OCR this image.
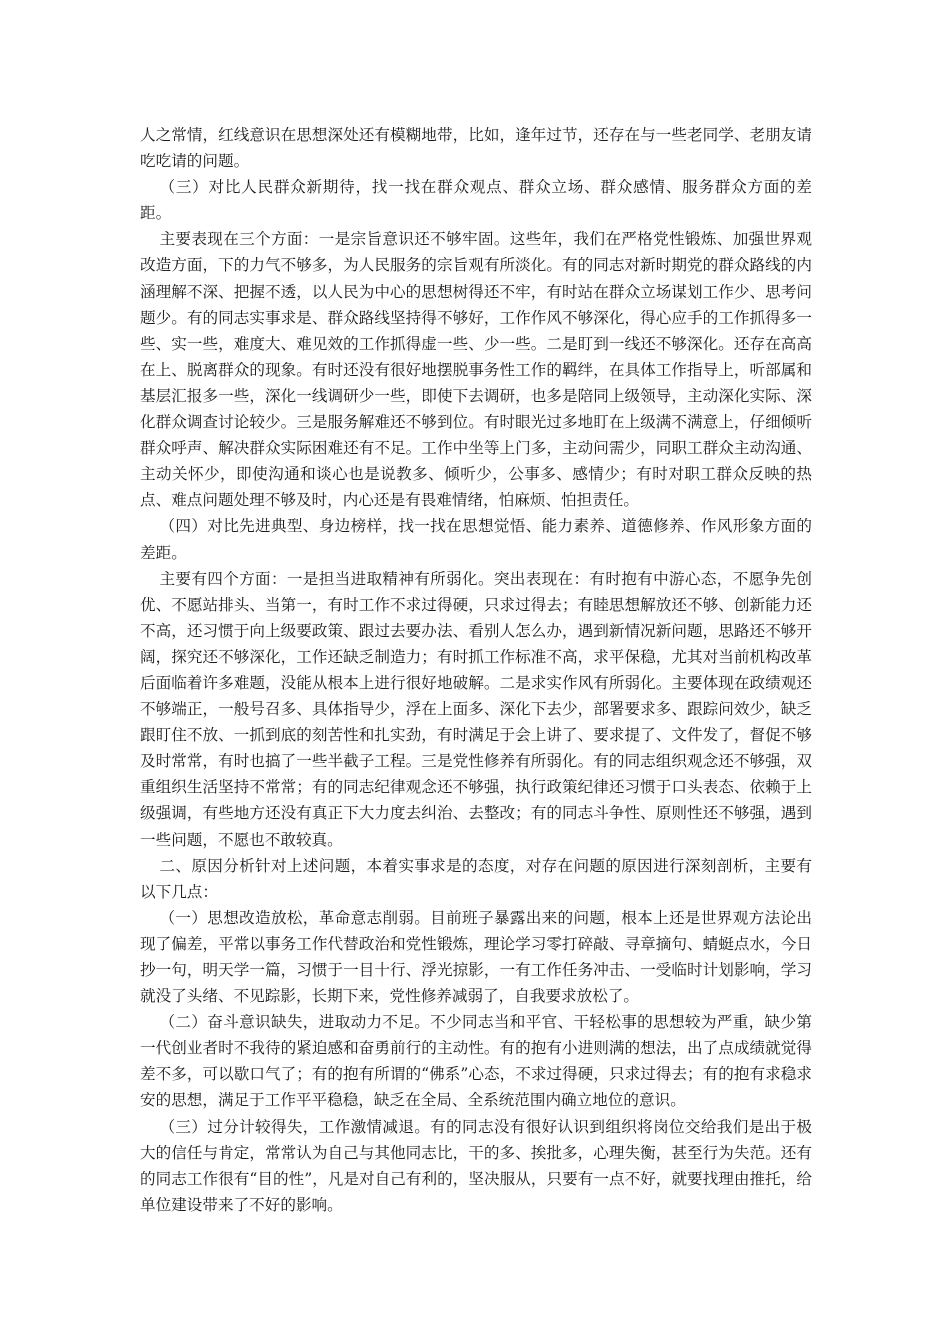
人之常情，红线意识在思想深处还有模糊地带，比如，逢年过节，还存在与一些老同学、老朋友请吃吃请的问题。

（三）对比人民群众新期待，找一找在群众观点、群众立场、群众感情、服务群众方面的差距。

主要表现在三个方面：一是宗旨意识还不够牢固。这些年，我们在严格党性锻炼、加强世界观改造方面，下的力气不够多，为人民服务的宗旨观有所淡化。有的同志对新时期党的群众路线的内涵理解不深、把握不透，以人民为中心的思想树得还不牢，有时站在群众立场谋划工作少、思考问题少。有的同志实事求是、群众路线坚持得不够好，工作作风不够深化，得心应手的工作抓得多一些、实一些，难度大、难见效的工作抓得虚一些、少一些。二是盯到一线还不够深化。还存在高高在上、脱离群众的现象。有时还没有很好地摆脱事务性工作的羁绊，在具体工作指导上，听部属和基层汇报多一些，深化一线调研少一些，即使下去调研，也多是陪同上级领导，主动深化实际、深化群众调查讨论较少。三是服务解难还不够到位。有时眼光过多地盯在上级满不满意上，仔细倾听群众呼声、解决群众实际困难还有不足。工作中坐等上门多，主动问需少，同职工群众主动沟通、主动关怀少，即使沟通和谈心也是说教多、倾听少，公事多、感情少；有时对职工群众反映的热点、难点问题处理不够及时，内心还是有畏难情绪，怕麻烦、怕担责任。

（四）对比先进典型、身边榜样，找一找在思想觉悟、能力素养、道德修养、作风形象方面的差距。

主要有四个方面：一是担当进取精神有所弱化。突出表现在：有时抱有中游心态，不愿争先创优、不愿站排头、当第一，有时工作不求过得硬，只求过得去；有睦思想解放还不够、创新能力还不高，还习惯于向上级要政策、跟过去要办法、看别人怎么办，遇到新情况新问题，思路还不够开阔，探究还不够深化，工作还缺乏制造力；有时抓工作标准不高，求平保稳，尤其对当前机构改革后面临着许多难题，没能从根本上进行很好地破解。二是求实作风有所弱化。主要体现在政绩观还不够端正，一般号召多、具体指导少，浮在上面多、深化下去少，部署要求多、跟踪问效少，缺乏跟盯住不放、一抓到底的刻苦性和扎实劲，有时满足于会上讲了、要求提了、文件发了，督促不够及时常常，有时也搞了一些半截子工程。三是党性修养有所弱化。有的同志组织观念还不够强，双重组织生活坚持不常常；有的同志纪律观念还不够强，执行政策纪律还习惯于口头表态、依赖于上级强调，有些地方还没有真正下大力度去纠治、去整改；有的同志斗争性、原则性还不够强，遇到一些问题，不愿也不敢较真。

二、原因分析针对上述问题，本着实事求是的态度，对存在问题的原因进行深刻剖析，主要有以下几点：

（一）思想改造放松，革命意志削弱。目前班子暴露出来的问题，根本上还是世界观方法论出现了偏差，平常以事务工作代替政治和党性锻炼，理论学习零打碎敲、寻章摘句、蜻蜓点水，今日抄一句，明天学一篇，习惯于一目十行、浮光掠影，一有工作任务冲击、一受临时计划影响，学习就没了头绪、不见踪影，长期下来，党性修养减弱了，自我要求放松了。

（二）奋斗意识缺失，进取动力不足。不少同志当和平官、干轻松事的思想较为严重，缺少第一代创业者时不我待的紧迫感和奋勇前行的主动性。有的抱有小进则满的想法，出了点成绩就觉得差不多，可以歇口气了；有的抱有所谓的“佛系”心态，不求过得硬，只求过得去；有的抱有求稳求安的思想，满足于工作平平稳稳，缺乏在全局、全系统范围内确立地位的意识。

（三）过分计较得失，工作激情减退。有的同志没有很好认识到组织将岗位交给我们是出于极大的信任与肯定，常常认为自己与其他同志比，干的多、挨批多，心理失衡，甚至行为失范。还有的同志工作很有“目的性”，凡是对自己有利的，坚决服从，只要有一点不好，就要找理由推托，给单位建设带来了不好的影响。
